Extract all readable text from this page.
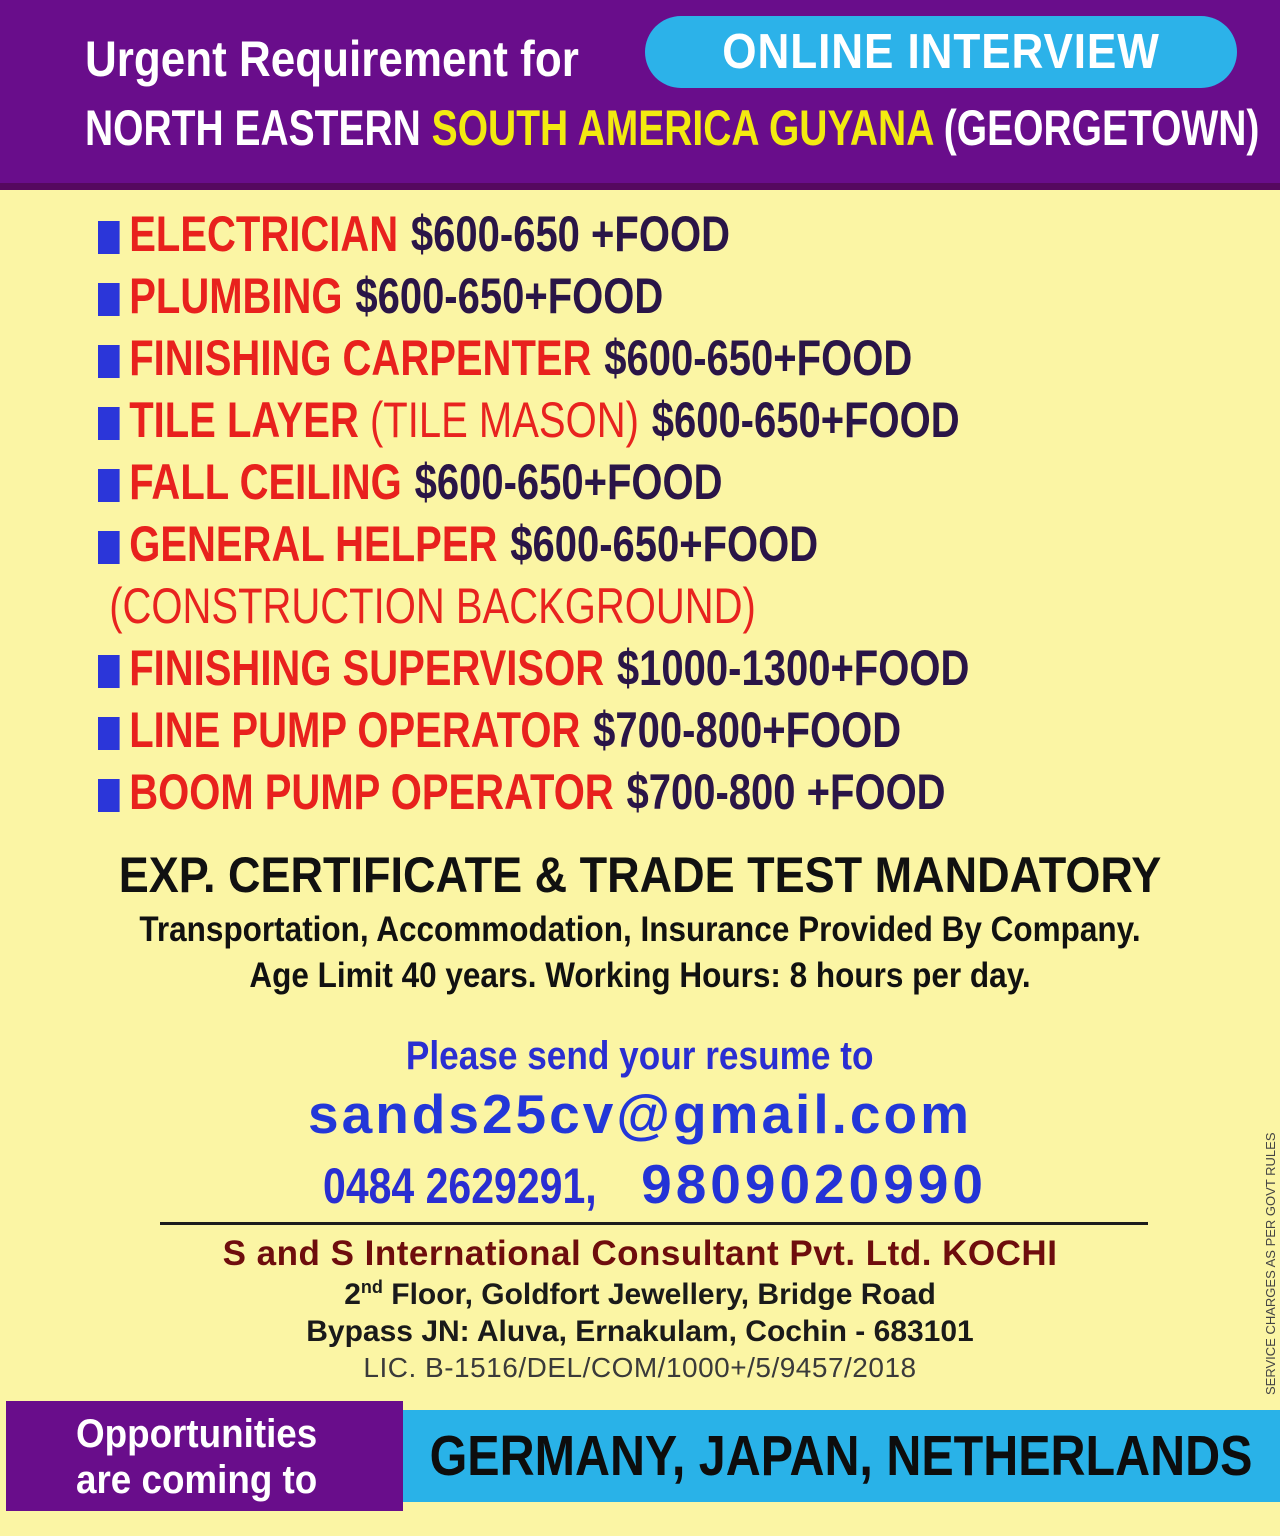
Urgent Requirement for	ONLINE INTERVIEW
NORTH EASTERN SOUTH AMERICA GUYANA (GEORGETOWN)
ELECTRICIAN $600-650 +FOOD
PLUMBING $600-650+FOOD
FINISHING CARPENTER $600-650+FOOD
TILE LAYER (TILE MASON) $600-650+FOOD
FALL CEILING $600-650+FOOD
GENERAL HELPER $600-650+FOOD
(CONSTRUCTION BACKGROUND)
FINISHING SUPERVISOR $1000-1300+FOOD
LINE PUMP OPERATOR $700-800+FOOD
BOOM PUMP OPERATOR $700-800 +FOOD
EXP. CERTIFICATE & TRADE TEST MANDATORY
Transportation, Accommodation, Insurance Provided By Company.
Age Limit 40 years. Working Hours: 8 hours per day.
Please send your resume to
sands25cv@gmail.com
0484 2629291, 9809020990
S and S International Consultant Pvt. Ltd. KOCHI
2nd Floor, Goldfort Jewellery, Bridge Road
Bypass JN: Aluva, Ernakulam, Cochin - 683101
LIC. B-1516/DEL/COM/1000+/5/9457/2018	SERVICE CHARGES AS PER GOVT RULES
Opportunities
are coming to	GERMANY, JAPAN, NETHERLANDS
